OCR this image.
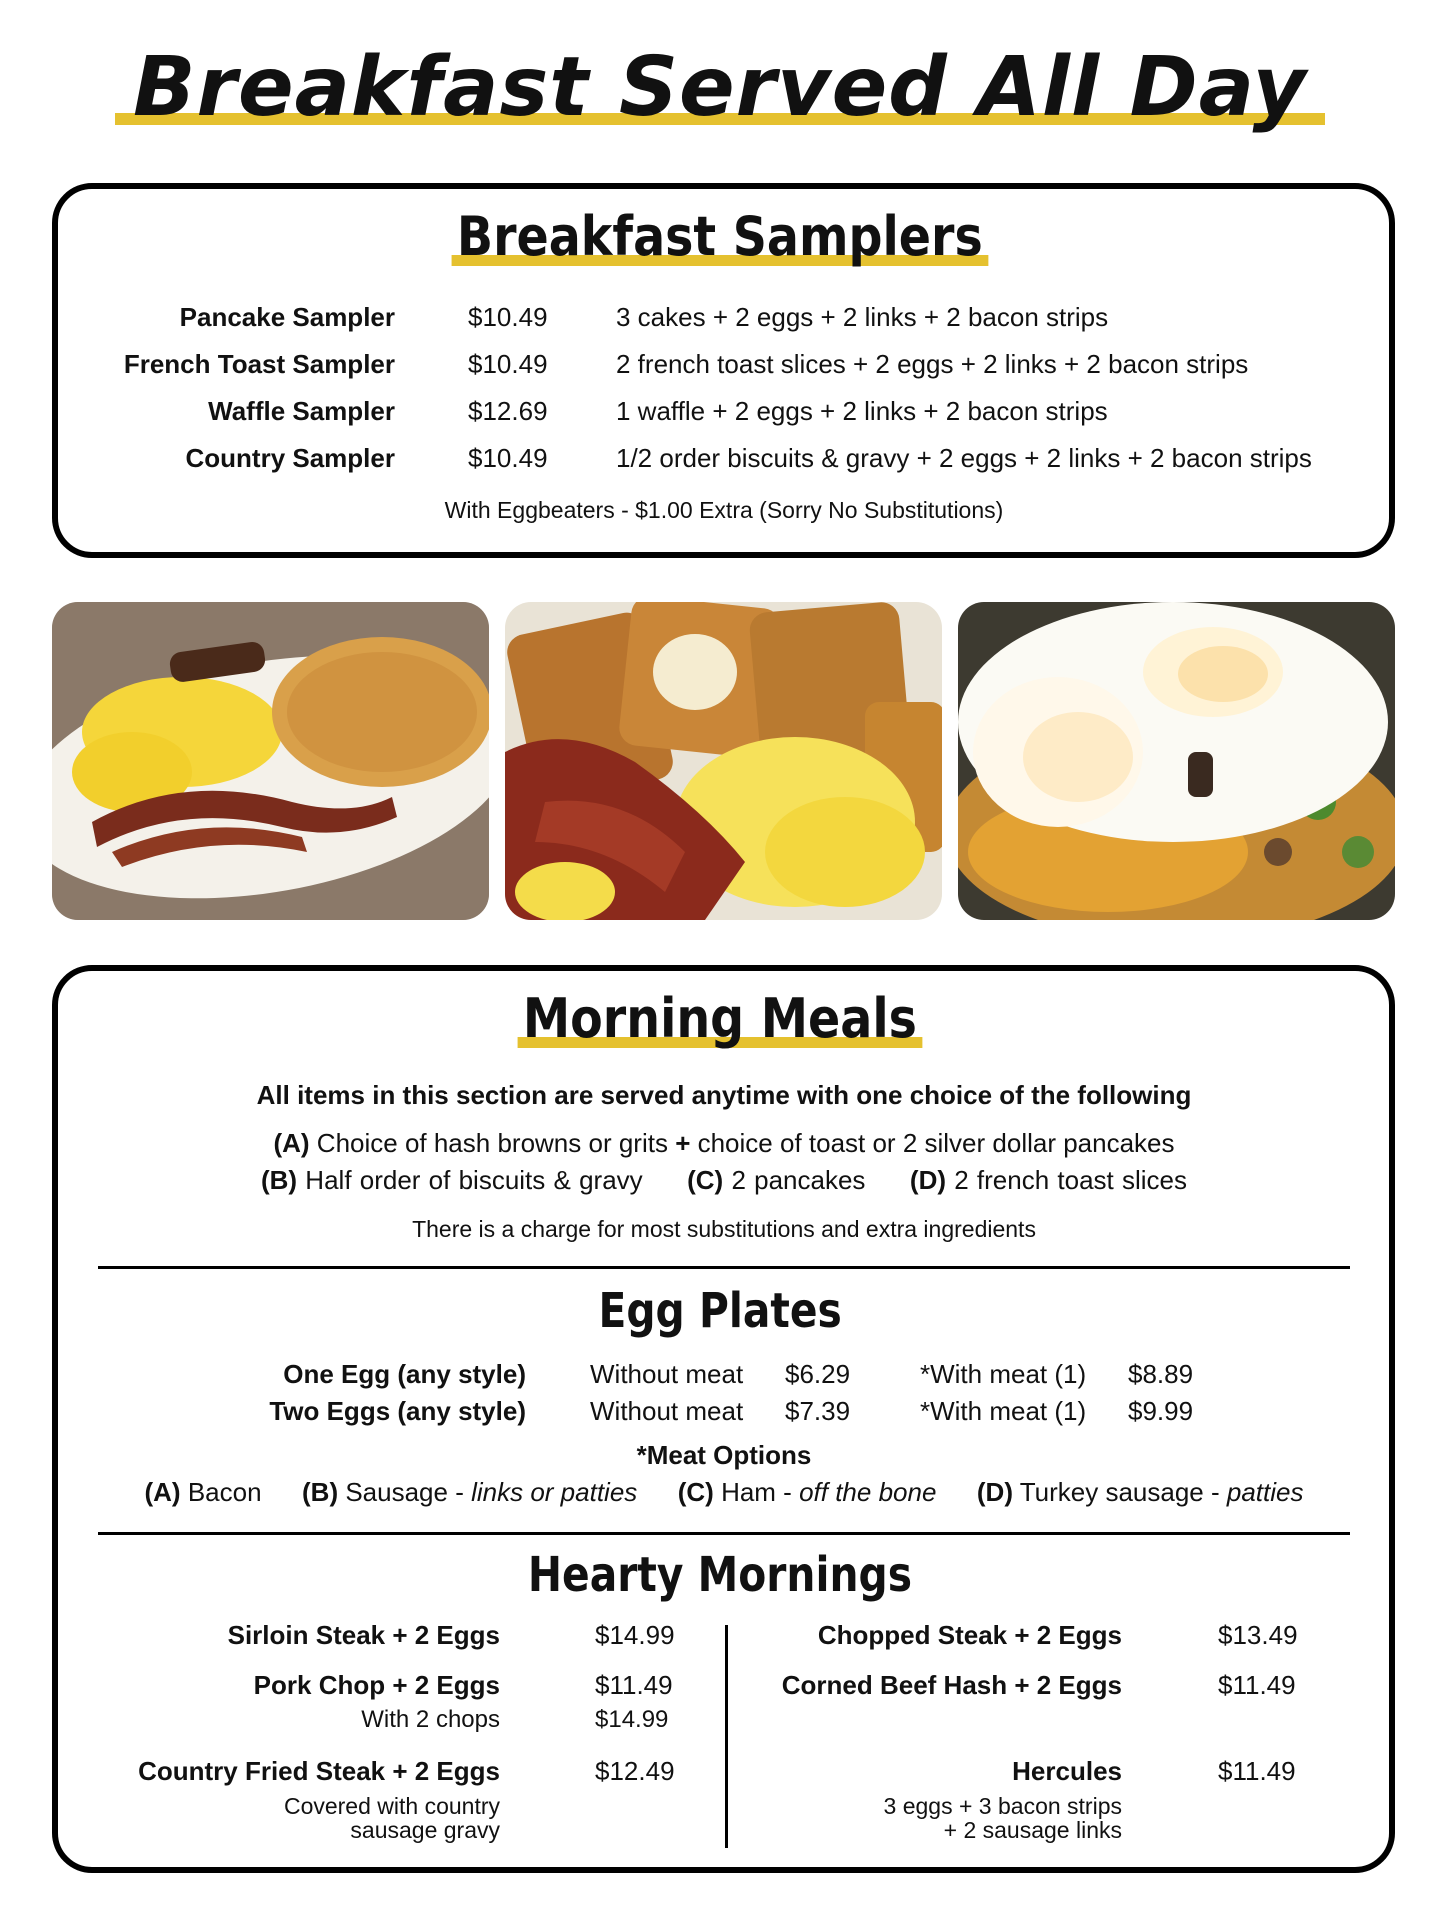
Breakfast Served All Day
Breakfast Samplers
Pancake Sampler	$10.49	3 cakes + 2 eggs + 2 links + 2 bacon strips
French Toast Sampler	$10.49	2 french toast slices + 2 eggs + 2 links + 2 bacon strips
Waffle Sampler	$12.69	1 waffle + 2 eggs + 2 links + 2 bacon strips
Country Sampler	$10.49	1/2 order biscuits & gravy + 2 eggs + 2 links + 2 bacon strips
With Eggbeaters - $1.00 Extra (Sorry No Substitutions)
Morning Meals
All items in this section are served anytime with one choice of the following
(A) Choice of hash browns or grits + choice of toast or 2 silver dollar pancakes
(B) Half order of biscuits & gravy (C) 2 pancakes (D) 2 french toast slices
There is a charge for most substitutions and extra ingredients
Egg Plates
One Egg (any style) Without meat $6.29	*With meat (1) $8.89
Two Eggs (any style) Without meat $7.39	*With meat (1) $9.99
*Meat Options
(A) Bacon (B) Sausage - links or patties (C) Ham - off the bone (D) Turkey sausage - patties
Hearty Mornings
Sirloin Steak + 2 Eggs	$14.99
Pork Chop + 2 Eggs	$11.49
With 2 chops	$14.99
Country Fried Steak + 2 Eggs	$12.49
Covered with country
sausage gravy
Chopped Steak + 2 Eggs	$13.49
Corned Beef Hash + 2 Eggs	$11.49
Hercules	$11.49
3 eggs + 3 bacon strips
+ 2 sausage links
